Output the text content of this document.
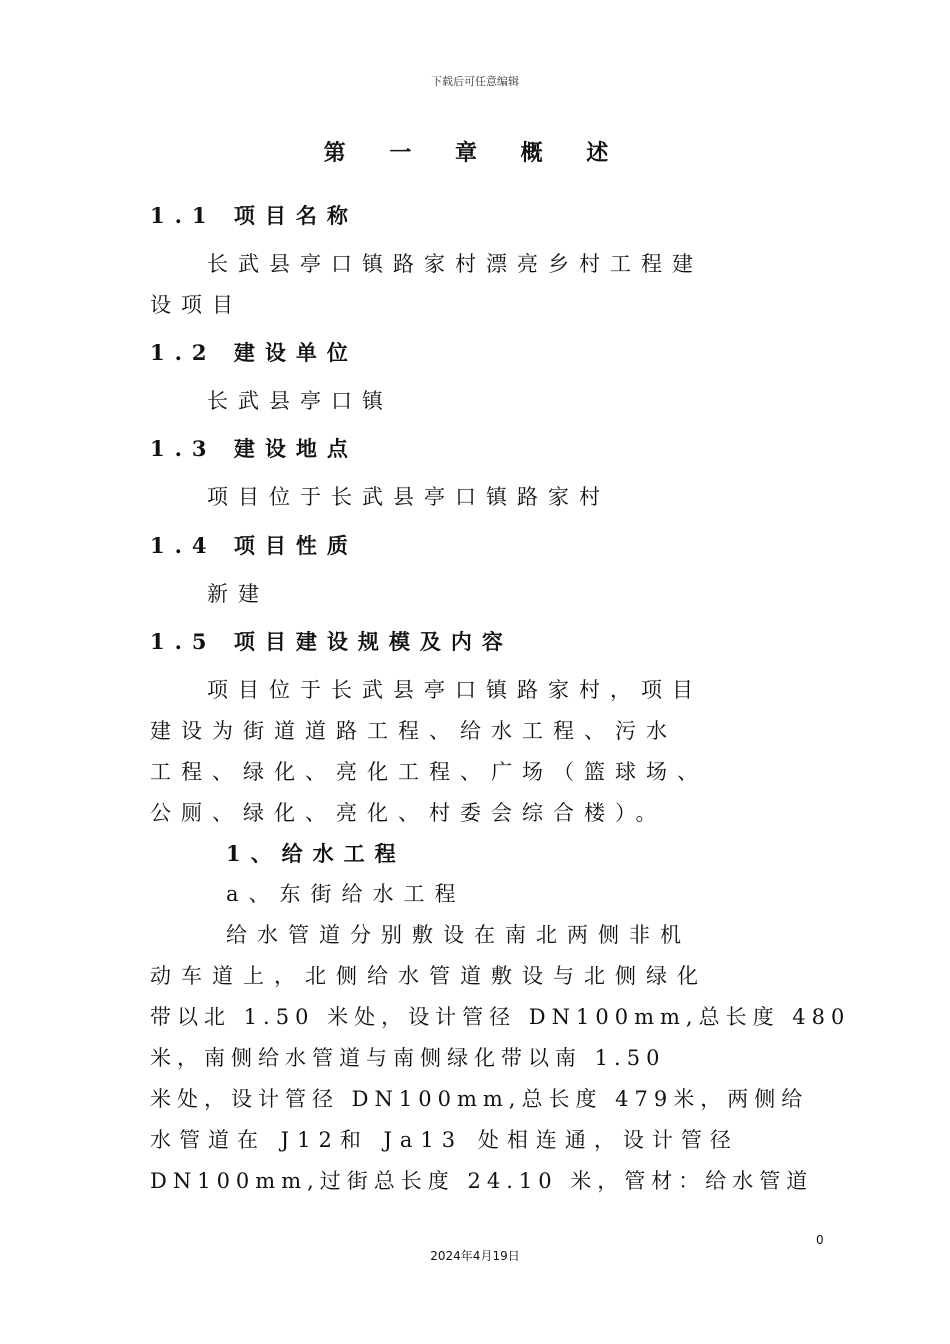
下载后可任意编辑
第 一 章 概 述
1.1 项目名称
长武县亭口镇路家村漂亮乡村工程建
设项目
1.2 建设单位
长武县亭口镇
1.3 建设地点
项目位于长武县亭口镇路家村
1.4 项目性质
新建
1.5 项目建设规模及内容
项目位于长武县亭口镇路家村，项目
建设为街道道路工程、给水工程、污水
工程、绿化、亮化工程、广场（篮球场、
公厕、绿化、亮化、村委会综合楼）。
1、给水工程
a、东街给水工程
给水管道分别敷设在南北两侧非机
动车道上，北侧给水管道敷设与北侧绿化
带以北 1.50 米处，设计管径 DN100mm,总长度 480
米，南侧给水管道与南侧绿化带以南 1.50
米处，设计管径 DN100mm,总长度 479米，两侧给
水管道在 J12和 Ja13 处相连通，设计管径
DN100mm,过街总长度 24.10 米，管材：给水管道
0
2024年4月19日
